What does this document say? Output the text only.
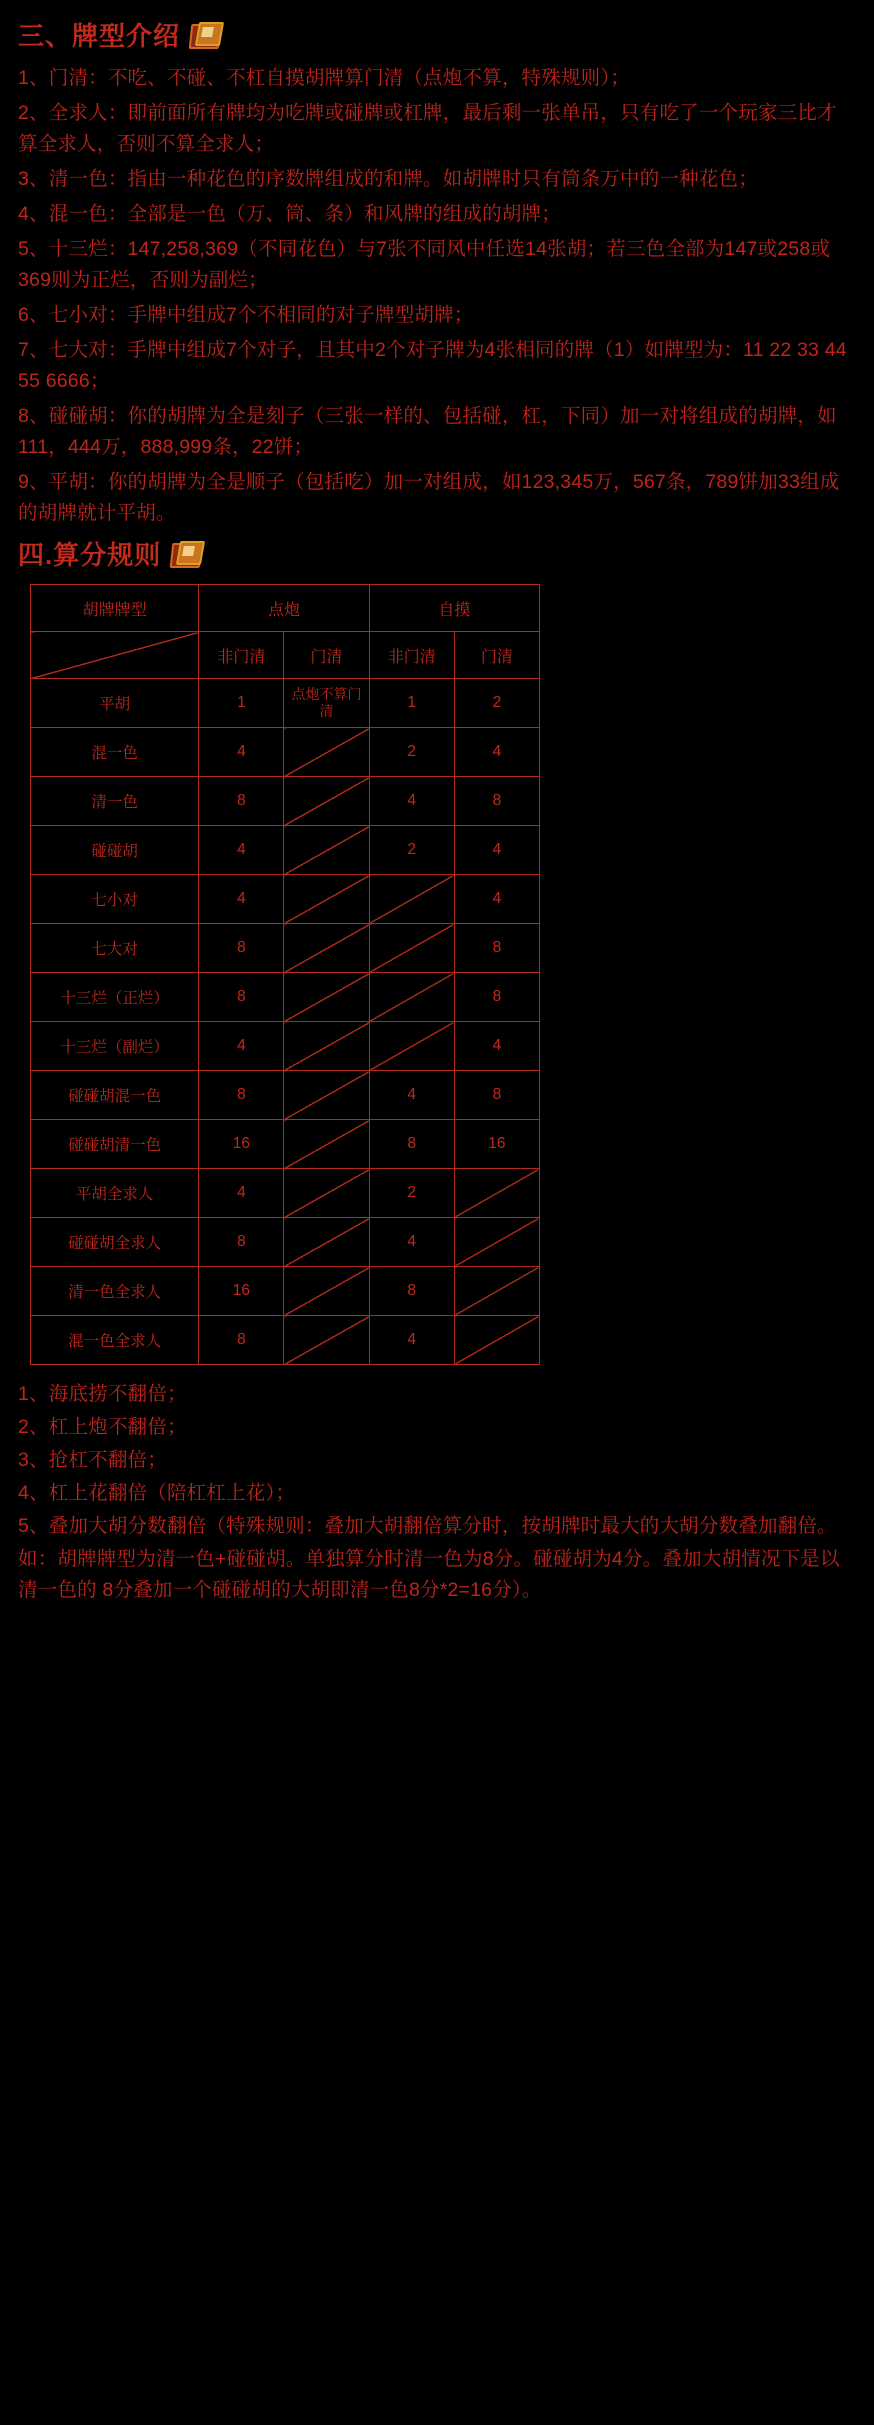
三、牌型介绍

1、门清：不吃、不碰、不杠自摸胡牌算门清（点炮不算，特殊规则）；

2、全求人：即前面所有牌均为吃牌或碰牌或杠牌，最后剩一张单吊，只有吃了一个玩家三比才算全求人，否则不算全求人；

3、清一色：指由一种花色的序数牌组成的和牌。如胡牌时只有筒条万中的一种花色；

4、混一色：全部是一色（万、筒、条）和风牌的组成的胡牌；

5、十三烂：147,258,369（不同花色）与7张不同风中任选14张胡；若三色全部为147或258或369则为正烂，否则为副烂；

6、七小对：手牌中组成7个不相同的对子牌型胡牌；

7、七大对：手牌中组成7个对子，且其中2个对子牌为4张相同的牌（1）如牌型为：11 22 33 44 55 6666；

8、碰碰胡：你的胡牌为全是刻子（三张一样的、包括碰，杠，下同）加一对将组成的胡牌，如111，444万，888,999条，22饼；

9、平胡：你的胡牌为全是顺子（包括吃）加一对组成，如123,345万，567条，789饼加33组成的胡牌就计平胡。

四.算分规则
胡牌牌型	点炮		自摸	
	非门清	门清	非门清	门清
平胡	1	点炮不算门清	1	2
混一色	4		2	4
清一色	8		4	8
碰碰胡	4		2	4
七小对	4			4
七大对	8			8
十三烂（正烂）	8			8
十三烂（副烂）	4			4
碰碰胡混一色	8		4	8
碰碰胡清一色	16		8	16
平胡全求人	4		2	
碰碰胡全求人	8		4	
清一色全求人	16		8	
混一色全求人	8		4	

1、海底捞不翻倍；

2、杠上炮不翻倍；

3、抢杠不翻倍；

4、杠上花翻倍（陪杠杠上花）；

5、叠加大胡分数翻倍（特殊规则：叠加大胡翻倍算分时，按胡牌时最大的大胡分数叠加翻倍。

如：胡牌牌型为清一色+碰碰胡。单独算分时清一色为8分。碰碰胡为4分。叠加大胡情况下是以清一色的 8分叠加一个碰碰胡的大胡即清一色8分*2=16分）。
